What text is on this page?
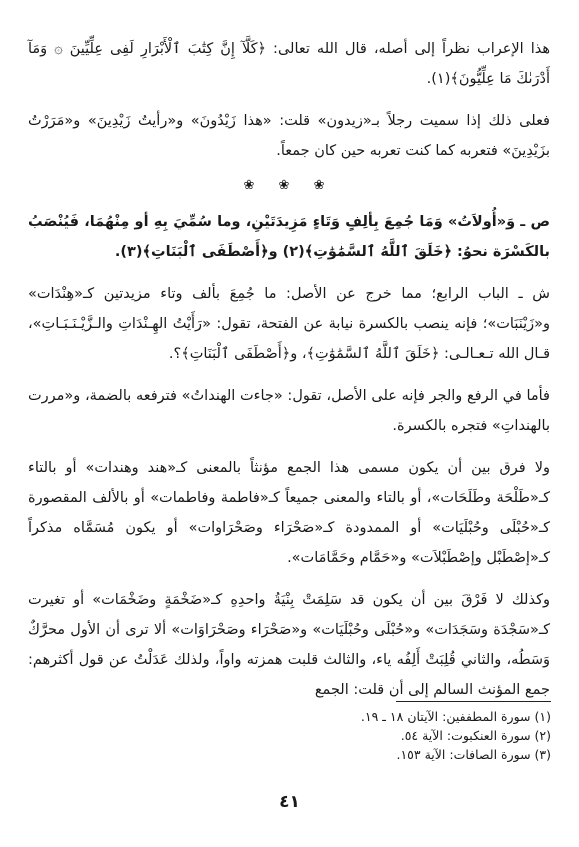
هذا الإعراب نظراً إلى أصله، قال الله تعالى: ﴿كَلَّآ إِنَّ كِتَٰبَ ٱلْأَبْرَارِ لَفِى عِلِّيِّينَ ۞ وَمَآ أَدْرَىٰكَ مَا عِلِّيُّونَ﴾(١).

فعلى ذلك إذا سميت رجلاً بـ«زيدون» قلت: «هذا زَيْدُونَ» و«رأيتُ زَيْدِينَ» و«مَرَرْتُ بزَيْدِينَ» فتعربه كما كنت تعربه حين كان جمعاً.

❀ ❀ ❀

ص ـ وَ«أُولاَتُ» وَمَا جُمِعَ بِألِفٍ وَتَاءٍ مَزِيدَتَيْنِ، وما سُمِّيَ بِهِ أو مِنْهُمَا، فَيُنْصَبُ بالكَسْرَة نحوُ: ﴿خَلَقَ ٱللَّهُ ٱلسَّمَٰوَٰتِ﴾(٢) و﴿أَصْطَفَى ٱلْبَنَاتِ﴾(٣).

ش ـ الباب الرابع؛ مما خرج عن الأصل: ما جُمِعَ بألف وتاء مزيدتين كـ«هِنْدَات» و«زَيْنَبَات»؛ فإنه ينصب بالكسرة نيابة عن الفتحة، تقول: «رَأَيْتُ الهِـنْدَاتِ والـزَّيْـنَـبَـاتِ»، قـال الله تـعـالـى: ﴿خَلَقَ ٱللَّهُ ٱلسَّمَٰوَٰتِ﴾، و﴿أَصْطَفَى ٱلْبَنَاتِ﴾؟.

فأما في الرفع والجر فإنه على الأصل، تقول: «جاءت الهنداتُ» فترفعه بالضمة، و«مررت بالهنداتِ» فتجره بالكسرة.

ولا فرق بين أن يكون مسمى هذا الجمع مؤنثاً بالمعنى كـ«هند وهندات» أو بالتاء كـ«طَلْحَة وطَلَحَات»، أو بالتاء والمعنى جميعاً كـ«فاطمة وفاطمات» أو بالألف المقصورة كـ«حُبْلَى وحُبْلَيَات» أو الممدودة كـ«صَحْرَاء وصَحْرَاوات» أو يكون مُسَمَّاه مذكراً كـ«إصْطَبْل وإصْطَبْلاَت» و«حَمَّام وحَمَّامَات».

وكذلك لا فَرْقَ بين أن يكون قد سَلِمَتْ بِنْيَةُ واحدِهِ كـ«ضَخْمَةٍ وضَخْمَات» أو تغيرت كـ«سَجْدَة وسَجَدَات» و«حُبْلَى وحُبْلَيَات» و«صَحْرَاء وصَحْرَاوَات» ألا ترى أن الأول محرَّكٌ وَسَطُه، والثاني قُلِبَتْ أَلِفُه ياء، والثالث قلبت همزته واواً، ولذلك عَدَلْتُ عن قول أكثرهم: جمع المؤنث السالم إلى أن قلت: الجمع

(١) سورة المطففين: الآيتان ١٨ ـ ١٩.
(٢) سورة العنكبوت: الآية ٥٤.
(٣) سورة الصافات: الآية ١٥٣.
٤١
